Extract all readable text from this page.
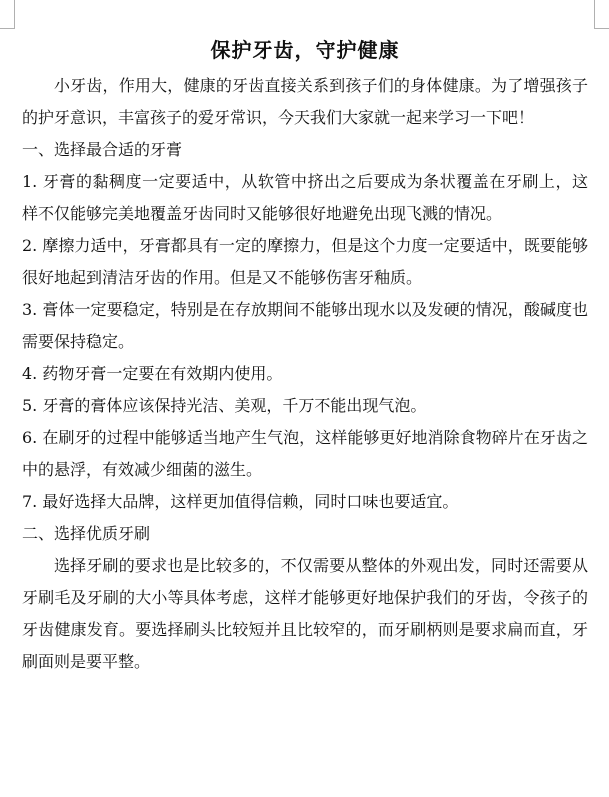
保护牙齿，守护健康

小牙齿，作用大，健康的牙齿直接关系到孩子们的身体健康。为了增强孩子的护牙意识，丰富孩子的爱牙常识，今天我们大家就一起来学习一下吧！

一、选择最合适的牙膏

1. 牙膏的黏稠度一定要适中，从软管中挤出之后要成为条状覆盖在牙刷上，这 样不仅能够完美地覆盖牙齿同时又能够很好地避免出现飞溅的情况。

2. 摩擦力适中，牙膏都具有一定的摩擦力，但是这个力度一定要适中，既要能够很好地起到清洁牙齿的作用。但是又不能够伤害牙釉质。

3. 膏体一定要稳定，特别是在存放期间不能够出现水以及发硬的情况，酸碱度也需要保持稳定。

4. 药物牙膏一定要在有效期内使用。

5. 牙膏的膏体应该保持光洁、美观，千万不能出现气泡。

6. 在刷牙的过程中能够适当地产生气泡，这样能够更好地消除食物碎片在牙齿之中的悬浮，有效减少细菌的滋生。

7. 最好选择大品牌，这样更加值得信赖，同时口味也要适宜。

二、选择优质牙刷

选择牙刷的要求也是比较多的，不仅需要从整体的外观出发，同时还需要从牙刷毛及牙刷的大小等具体考虑，这样才能够更好地保护我们的牙齿，令孩子的牙齿健康发育。要选择刷头比较短并且比较窄的，而牙刷柄则是要求扁而直，牙刷面则是要平整。
